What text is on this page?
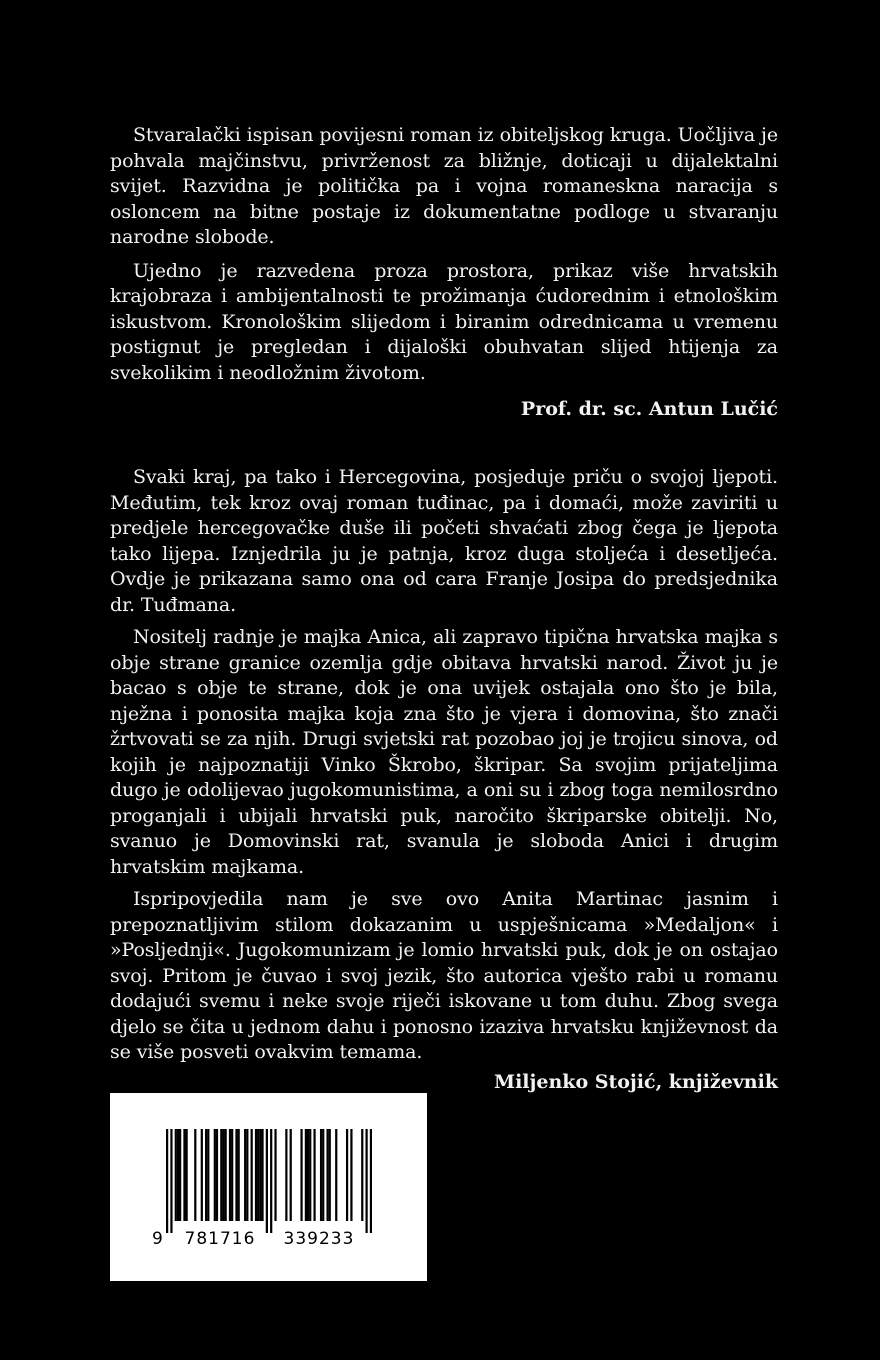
Stvaralački ispisan povijesni roman iz obiteljskog kruga. Uočljiva je pohvala majčinstvu, privrženost za bližnje, doticaji u dijalektalni svijet. Razvidna je politička pa i vojna romaneskna naracija s osloncem na bitne postaje iz dokumentatne podloge u stvaranju narodne slobode.

Ujedno je razvedena proza prostora, prikaz više hrvatskih krajobraza i ambijentalnosti te prožimanja ćudorednim i etnološkim iskustvom. Kronološkim slijedom i biranim odrednicama u vremenu postignut je pregledan i dijaloški obuhvatan slijed htijenja za svekolikim i neodložnim životom.

Prof. dr. sc. Antun Lučić

Svaki kraj, pa tako i Hercegovina, posjeduje priču o svojoj ljepoti. Međutim, tek kroz ovaj roman tuđinac, pa i domaći, može zaviriti u predjele hercegovačke duše ili početi shvaćati zbog čega je ljepota tako lijepa. Iznjedrila ju je patnja, kroz duga stoljeća i desetljeća. Ovdje je prikazana samo ona od cara Franje Josipa do predsjednika dr. Tuđmana.

Nositelj radnje je majka Anica, ali zapravo tipična hrvatska majka s obje strane granice ozemlja gdje obitava hrvatski narod. Život ju je bacao s obje te strane, dok je ona uvijek ostajala ono što je bila, nježna i ponosita majka koja zna što je vjera i domovina, što znači žrtvovati se za njih. Drugi svjetski rat pozobao joj je trojicu sinova, od kojih je najpoznatiji Vinko Škrobo, škripar. Sa svojim prijateljima dugo je odolijevao jugokomunistima, a oni su i zbog toga nemilosrdno proganjali i ubijali hrvatski puk, naročito škriparske obitelji. No, svanuo je Domovinski rat, svanula je sloboda Anici i drugim hrvatskim majkama.

Ispripovjedila nam je sve ovo Anita Martinac jasnim i prepoznatljivim stilom dokazanim u uspješnicama »Medaljon« i »Posljednji«. Jugokomunizam je lomio hrvatski puk, dok je on ostajao svoj. Pritom je čuvao i svoj jezik, što autorica vješto rabi u romanu dodajući svemu i neke svoje riječi iskovane u tom duhu. Zbog svega djelo se čita u jednom dahu i ponosno izaziva hrvatsku književnost da se više posveti ovakvim temama.

Miljenko Stojić, književnik

9	781716	339233
